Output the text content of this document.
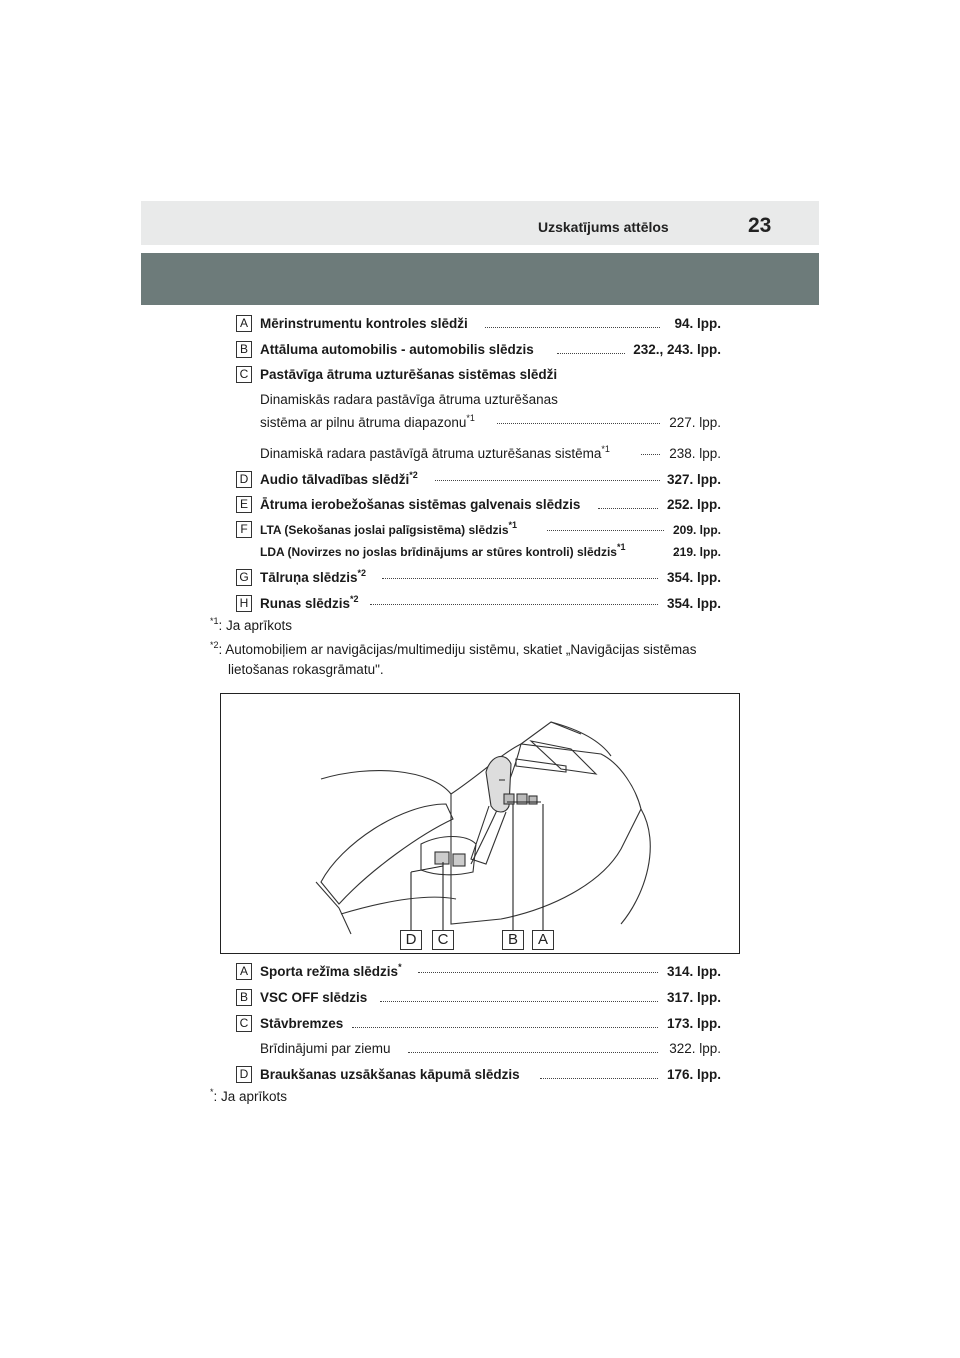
Uzskatījums attēlos	23
A Mērinstrumentu kontroles slēdži	94. lpp.
B Attāluma automobilis - automobilis slēdzis	232., 243. lpp.
C Pastāvīga ātruma uzturēšanas sistēmas slēdži
Dinamiskās radara pastāvīga ātruma uzturēšanas
sistēma ar pilnu ātruma diapazonu$^{*1}$	227. lpp.
Dinamiskā radara pastāvīgā ātruma uzturēšanas sistēma$^{*1}$	238. lpp.
D Audio tālvadības slēdži$^{*2}$	327. lpp.
E Ātruma ierobežošanas sistēmas galvenais slēdzis	252. lpp.
F	LTA (Sekošanas joslai palīgsistēma) slēdzis$^{*1}$	209. lpp.
LDA (Novirzes no joslas brīdinājums ar stūres kontroli) slēdzis$^{*1}$	219. lpp.
G Tālruņa slēdzis$^{*2}$	354. lpp.
H Runas slēdzis$^{*2}$	354. lpp.
$^{*1}$: Ja aprīkots
$^{*2}$: Automobiļiem ar navigācijas/multimediju sistēmu, skatiet „Navigācijas sistēmas
lietošanas rokasgrāmatu".
D	C	B	A
A Sporta režīma slēdzis*	314. lpp.
B VSC OFF slēdzis	317. lpp.
C Stāvbremzes	173. lpp.
Brīdinājumi par ziemu	322. lpp.
D Braukšanas uzsākšanas kāpumā slēdzis	176. lpp.
*: Ja aprīkots
